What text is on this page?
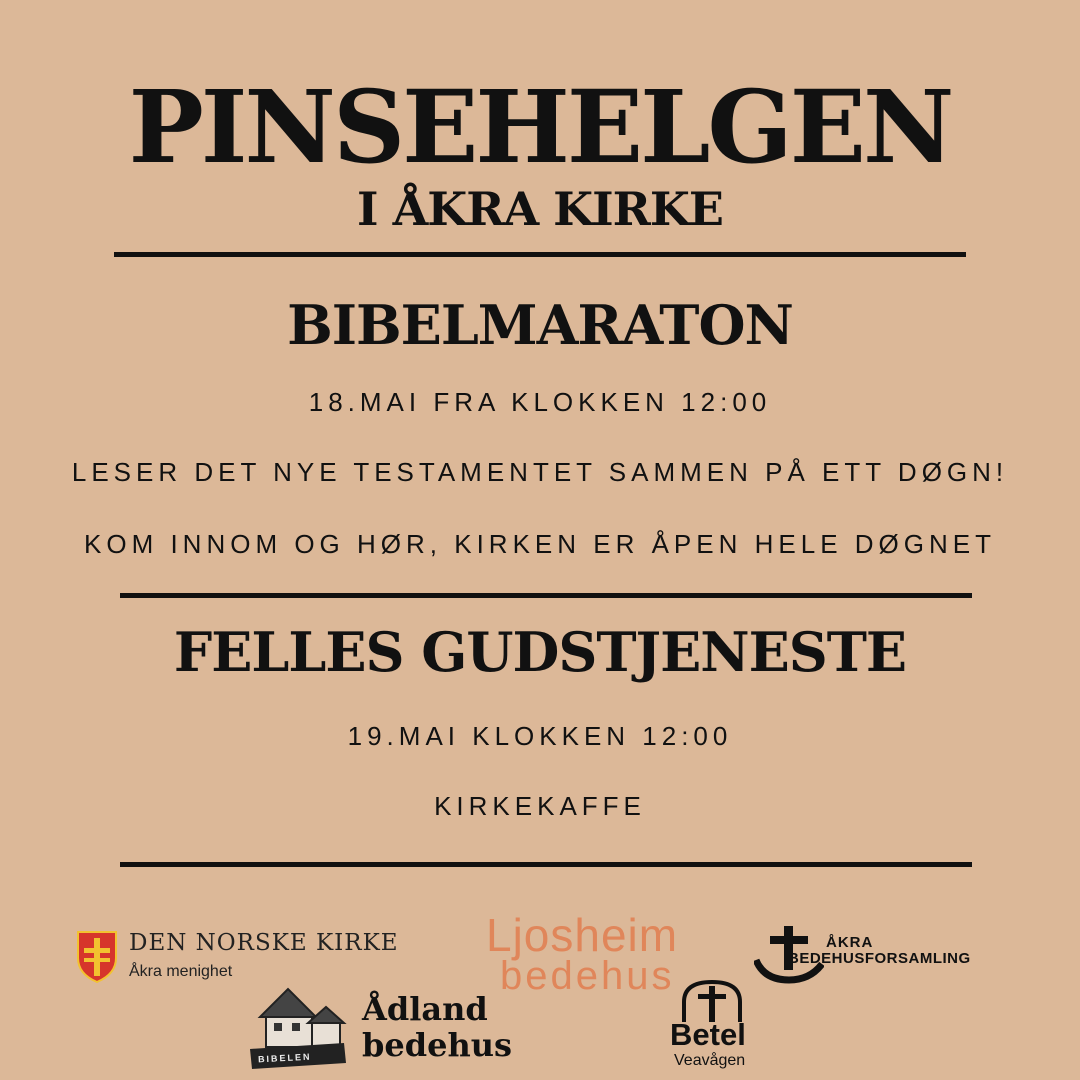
PINSEHELGEN
I ÅKRA KIRKE
BIBELMARATON
18.MAI FRA KLOKKEN 12:00
LESER DET NYE TESTAMENTET SAMMEN PÅ ETT DØGN!
KOM INNOM OG HØR, KIRKEN ER ÅPEN HELE DØGNET
FELLES GUDSTJENESTE
19.MAI KLOKKEN 12:00
KIRKEKAFFE
DEN NORSKE KIRKE
Åkra menighet
Ljosheim
bedehus
ÅKRA
BEDEHUSFORSAMLING
BIBELEN
Ådland
bedehus	Betel
Veavågen
